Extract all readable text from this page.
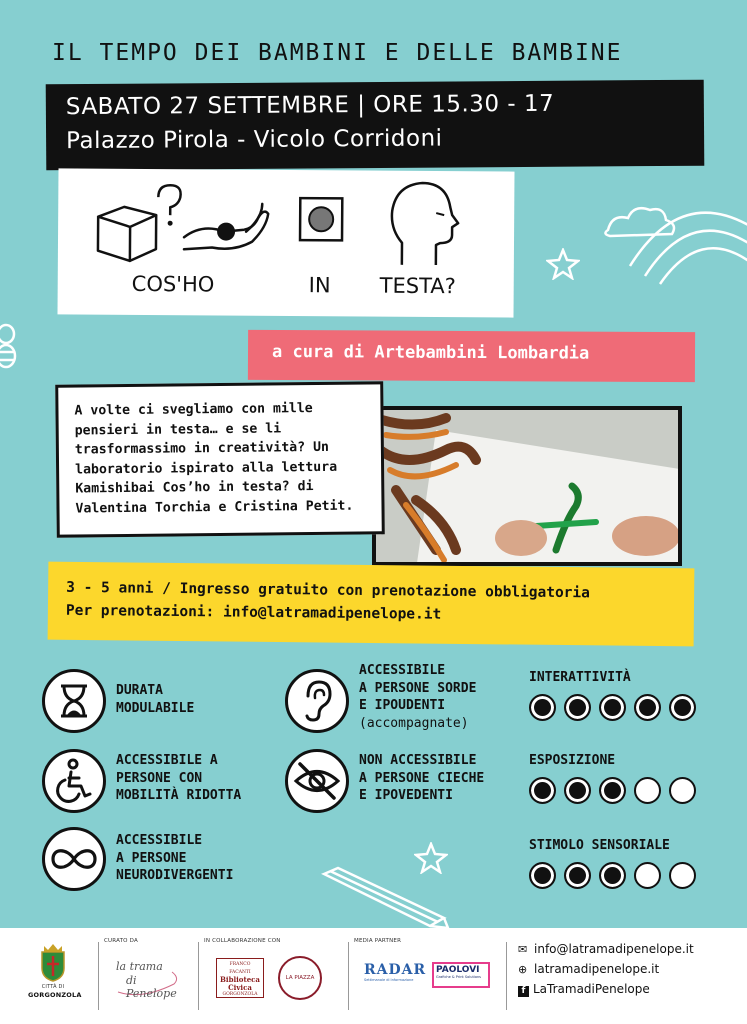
IL TEMPO DEI BAMBINI E DELLE BAMBINE
SABATO 27 SETTEMBRE | ORE 15.30 - 17
Palazzo Pirola - Vicolo Corridoni
COS'HO	IN TESTA?
a cura di Artebambini Lombardia

A volte ci svegliamo con mille pensieri in testa… e se li trasformassimo in creatività? Un laboratorio ispirato alla lettura Kamishibai Cos’ho in testa? di Valentina Torchia e Cristina Petit.

3 - 5 anni / Ingresso gratuito con prenotazione obbligatoria
Per prenotazioni: info@latramadipenelope.it
DURATA
MODULABILE
ACCESSIBILE A
PERSONE CON
MOBILITÀ RIDOTTA
ACCESSIBILE
A PERSONE
NEURODIVERGENTI
ACCESSIBILE
A PERSONE SORDE
E IPOUDENTI
(accompagnate)
NON ACCESSIBILE
A PERSONE CIECHE
E IPOVEDENTI
INTERATTIVITÀ
ESPOSIZIONE
STIMOLO SENSORIALE
CITTÀ DI
GORGONZOLA
CURATO DA
la trama
di Penelope
IN COLLABORAZIONE CON
FRANCO FACANTI
Biblioteca
Civica
GORGONZOLA
LA PIAZZA
MEDIA PARTNER
RADAR
Settimanale di Informazione
PAOLOVI
Grafiche & Print Solutions
✉ info@latramadipenelope.it
⊕ latramadipenelope.it
f LaTramadiPenelope
